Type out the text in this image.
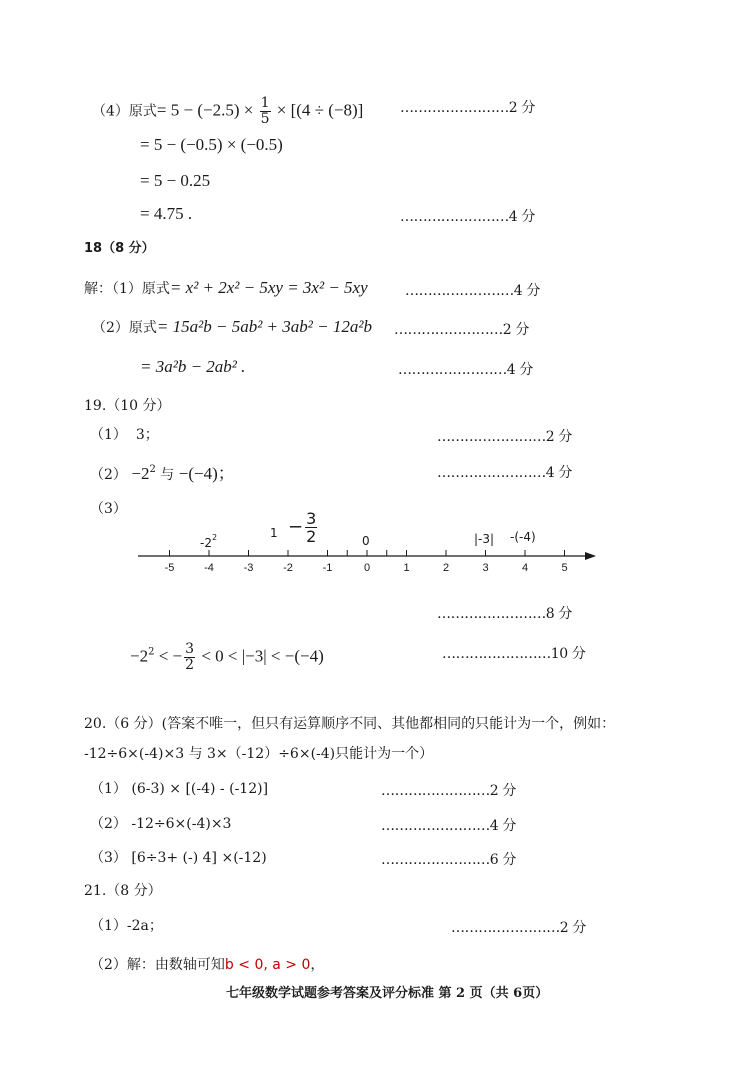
（4）原式= $5 - (-2.5) \times \frac{1}{5} \times [(4 \div (-8)]$	……………………2 分
= 5 − (−0.5) × (−0.5)
= 5 − 0.25
= 4.75 .	……………………4 分
18（8 分）
解：（1）原式= x² + 2x² − 5xy = 3x² − 5xy	……………………4 分
（2）原式= 15a²b − 5ab² + 3ab² − 12a²b ……………………2 分
= 3a²b − 2ab² .	……………………4 分
19.（10 分）
（1） 3；	……………………2 分
$(2) -2^2$ 与 −(−4)；	……………………4 分
（3）
-5	-4	-3	-2	-1	0	1	2	3	4	5
$-2^2$	$1 - \frac{3}{2}$	0	|-3| -(-4)
……………………8 分
$-2^2$ < − $\frac{3}{2} < 0 < |-3| < -(-4)$	……………………10 分
20.（6 分）(答案不唯一，但只有运算顺序不同、其他都相同的只能计为一个，例如：
-12÷6×(-4)×3 与 3×（-12）÷6×(-4)只能计为一个）
（1） (6-3) × [(-4) - (-12)]	……………………2 分
（2） -12÷6×(-4)×3	……………………4 分
（3） [6÷3+ (-) 4] ×(-12)	……………………6 分
21.（8 分）
（1）-2a；	……………………2 分
（2）解：由数轴可知b < 0, a > 0，
七年级数学试题参考答案及评分标准 第 2 页（共 6页）
